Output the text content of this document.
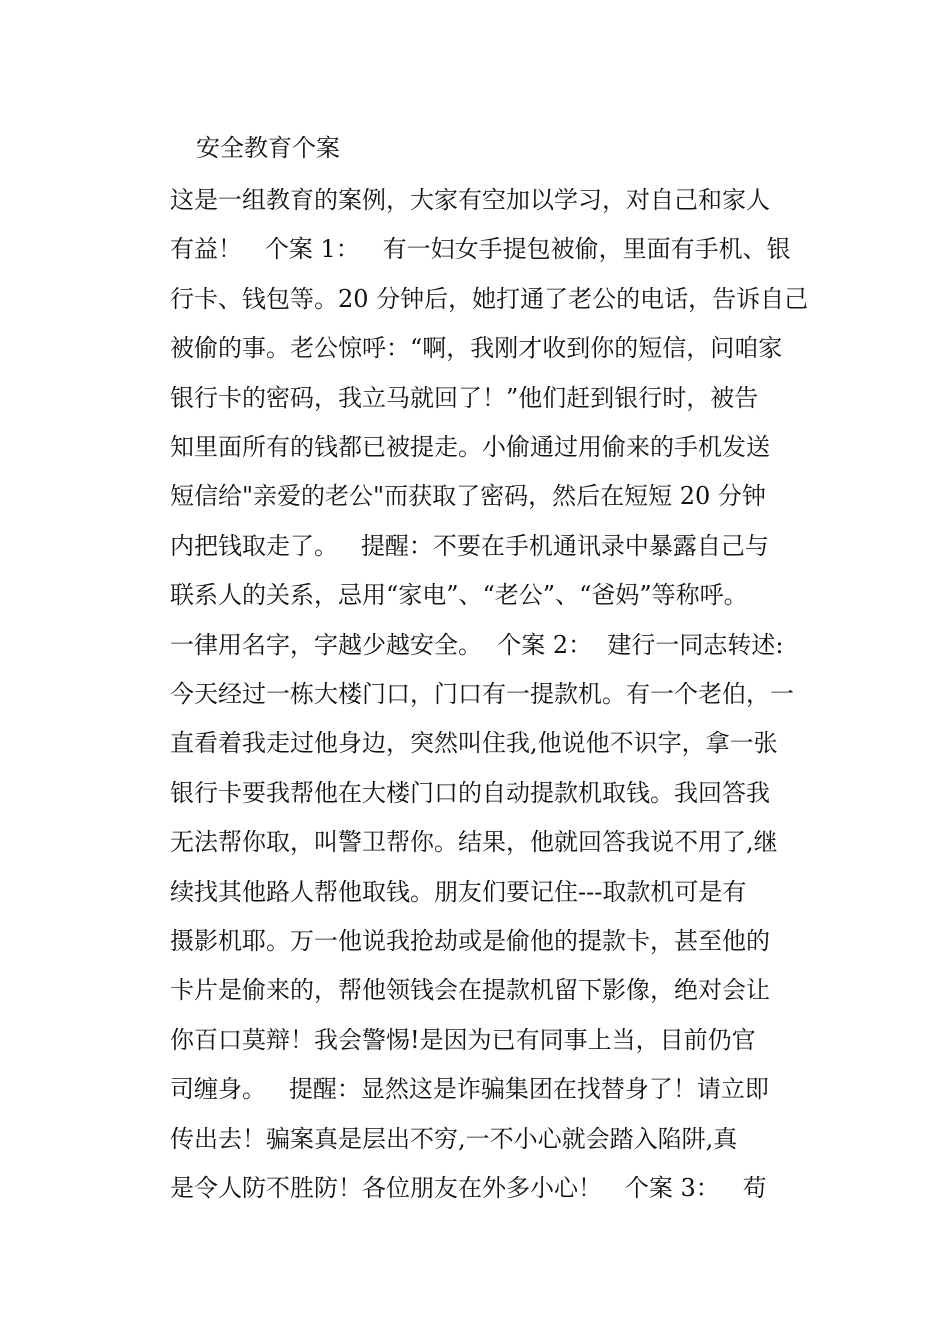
安全教育个案
这是一组教育的案例，大家有空加以学习，对自己和家人
有益！   个案 1：   有一妇女手提包被偷，里面有手机、银
行卡、钱包等。20 分钟后，她打通了老公的电话，告诉自己
被偷的事。老公惊呼：“啊，我刚才收到你的短信，问咱家
银行卡的密码，我立马就回了！”他们赶到银行时，被告
知里面所有的钱都已被提走。小偷通过用偷来的手机发送
短信给"亲爱的老公"而获取了密码，然后在短短 20 分钟
内把钱取走了。   提醒：不要在手机通讯录中暴露自己与
联系人的关系，忌用“家电”、“老公”、“爸妈”等称呼。
一律用名字，字越少越安全。  个案 2：  建行一同志转述:
今天经过一栋大楼门口，门口有一提款机。有一个老伯，一
直看着我走过他身边，突然叫住我,他说他不识字，拿一张
银行卡要我帮他在大楼门口的自动提款机取钱。我回答我
无法帮你取，叫警卫帮你。结果，他就回答我说不用了,继
续找其他路人帮他取钱。朋友们要记住---取款机可是有
摄影机耶。万一他说我抢劫或是偷他的提款卡，甚至他的
卡片是偷来的，帮他领钱会在提款机留下影像，绝对会让
你百口莫辩！我会警惕!是因为已有同事上当，目前仍官
司缠身。   提醒：显然这是诈骗集团在找替身了！请立即
传出去！骗案真是层出不穷,一不小心就会踏入陷阱,真
是令人防不胜防！各位朋友在外多小心！   个案 3：   苟
